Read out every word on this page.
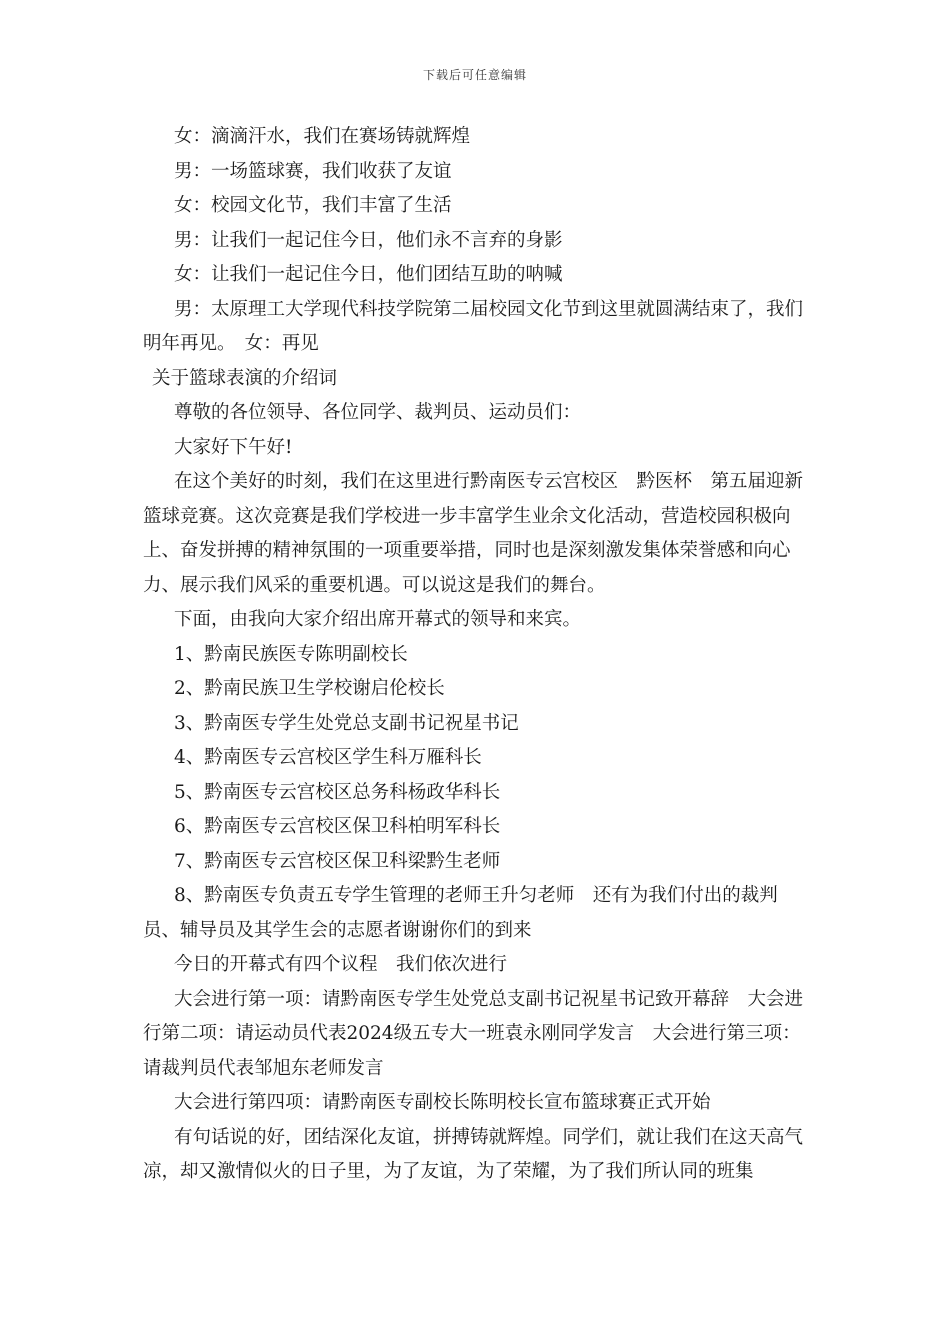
下载后可任意编辑

女：滴滴汗水，我们在赛场铸就辉煌

男：一场篮球赛，我们收获了友谊

女：校园文化节，我们丰富了生活

男：让我们一起记住今日，他们永不言弃的身影

女：让我们一起记住今日，他们团结互助的呐喊

男：太原理工大学现代科技学院第二届校园文化节到这里就圆满结束了，我们明年再见。　女：再见

关于篮球表演的介绍词

尊敬的各位领导、各位同学、裁判员、运动员们：

大家好下午好!

在这个美好的时刻，我们在这里进行黔南医专云宫校区　黔医杯　第五届迎新篮球竞赛。这次竞赛是我们学校进一步丰富学生业余文化活动，营造校园积极向上、奋发拼搏的精神氛围的一项重要举措，同时也是深刻激发集体荣誉感和向心力、展示我们风采的重要机遇。可以说这是我们的舞台。

下面，由我向大家介绍出席开幕式的领导和来宾。

1、黔南民族医专陈明副校长

2、黔南民族卫生学校谢启伦校长

3、黔南医专学生处党总支副书记祝星书记

4、黔南医专云宫校区学生科万雁科长

5、黔南医专云宫校区总务科杨政华科长

6、黔南医专云宫校区保卫科柏明军科长

7、黔南医专云宫校区保卫科梁黔生老师

8、黔南医专负责五专学生管理的老师王升匀老师　还有为我们付出的裁判员、辅导员及其学生会的志愿者谢谢你们的到来

今日的开幕式有四个议程　我们依次进行

大会进行第一项：请黔南医专学生处党总支副书记祝星书记致开幕辞　大会进行第二项：请运动员代表2024级五专大一班袁永刚同学发言　大会进行第三项：请裁判员代表邹旭东老师发言

大会进行第四项：请黔南医专副校长陈明校长宣布篮球赛正式开始

有句话说的好，团结深化友谊，拼搏铸就辉煌。同学们，就让我们在这天高气凉，却又激情似火的日子里，为了友谊，为了荣耀，为了我们所认同的班集
